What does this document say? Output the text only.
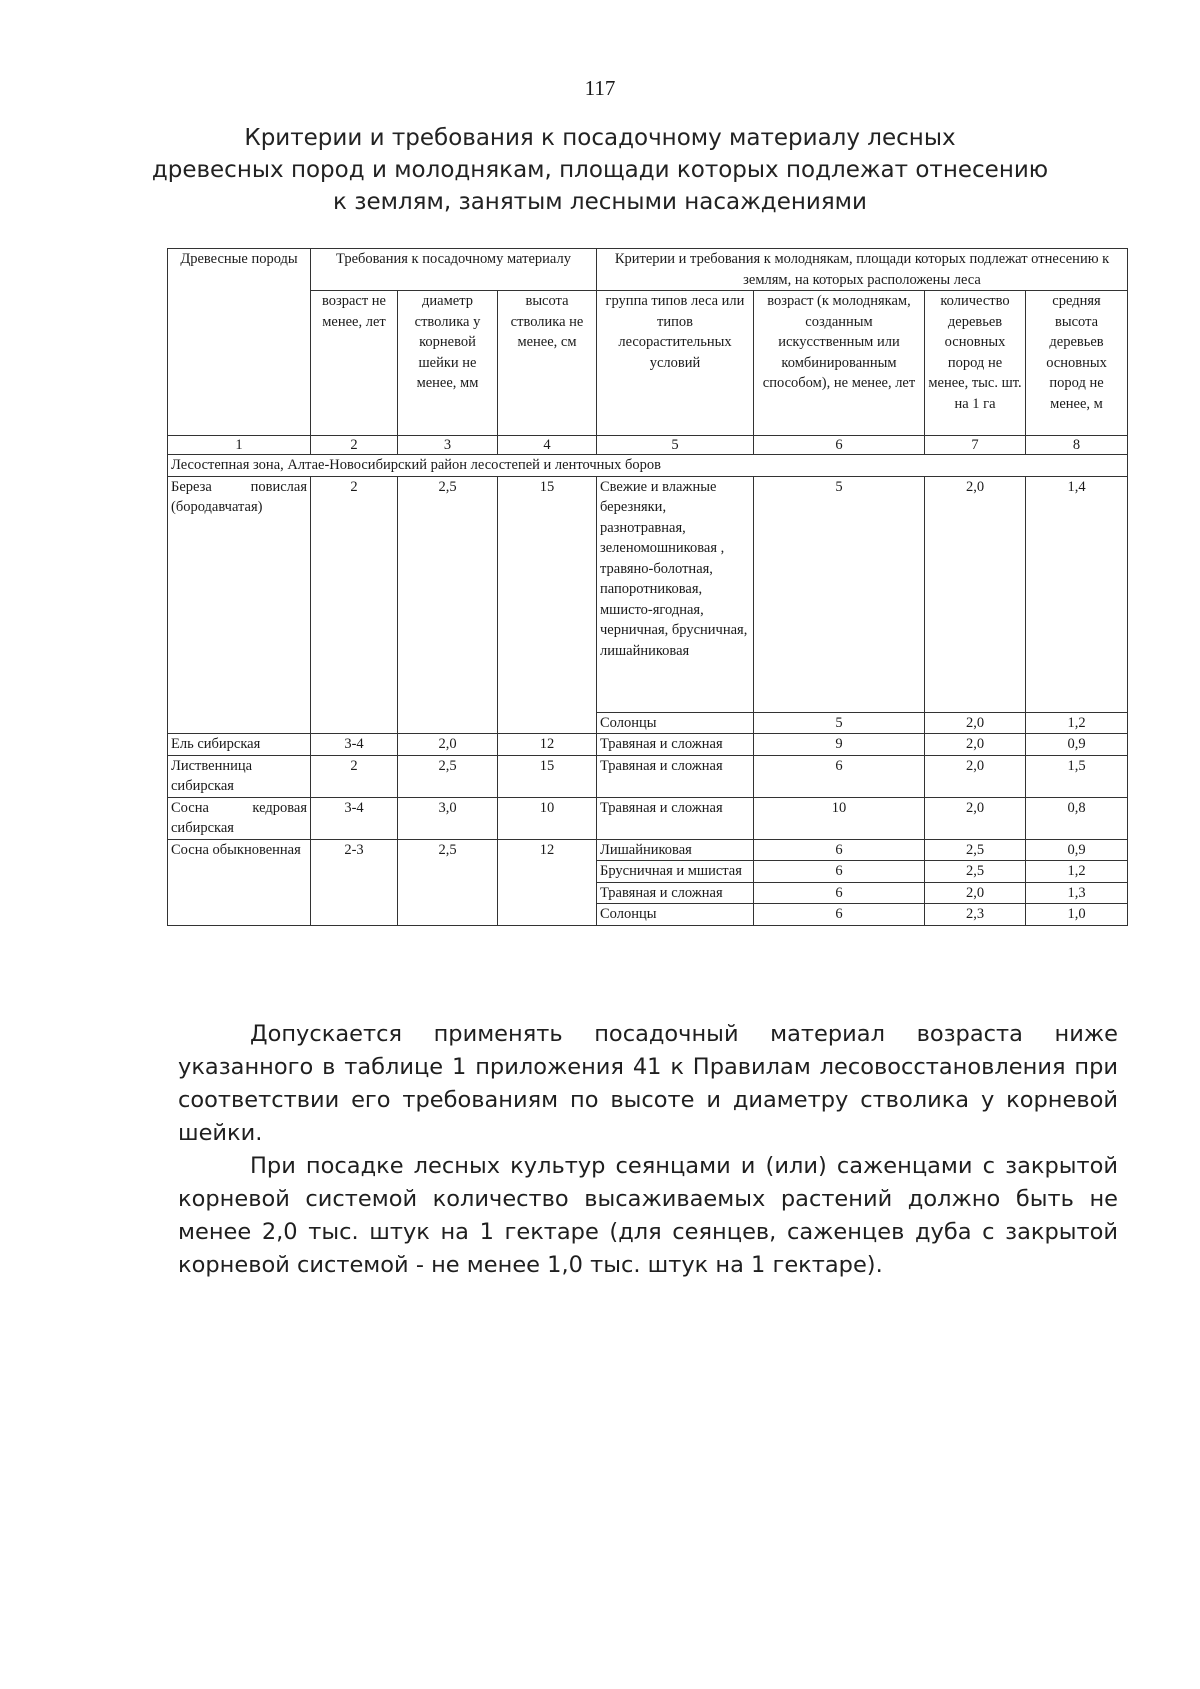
117
Критерии и требования к посадочному материалу лесных
древесных пород и молоднякам, площади которых подлежат отнесению
к землям, занятым лесными насаждениями
Древесные породы	Требования к посадочному материалу			Критерии и требования к молоднякам, площади которых подлежат отнесению к землям, на которых расположены леса			
	возраст не менее, лет	диаметр стволика у корневой шейки не менее, мм	высота стволика не менее, см	группа типов леса или типов лесорастительных условий	возраст (к молоднякам, созданным искусственным или комбинированным способом), не менее, лет	количество деревьев основных пород не менее, тыс. шт. на 1 га	средняя высота деревьев основных пород не менее, м
1	2	3	4	5	6	7	8
Лесостепная зона, Алтае-Новосибирский район лесостепей и ленточных боров							
Береза повислая (бородавчатая)	2	2,5	15	Свежие и влажные березняки, разнотравная, зеленомошниковая , травяно-болотная, папоротниковая, мшисто-ягодная, черничная, брусничная, лишайниковая	5	2,0	1,4
				Солонцы	5	2,0	1,2
Ель сибирская	3-4	2,0	12	Травяная и сложная	9	2,0	0,9
Лиственница сибирская	2	2,5	15	Травяная и сложная	6	2,0	1,5

Сосна кедровая
сибирская	3-4	3,0	10	Травяная и сложная	10	2,0	0,8
Сосна обыкновенная	2-3	2,5	12	Лишайниковая	6	2,5	0,9
				Брусничная и мшистая	6	2,5	1,2
				Травяная и сложная	6	2,0	1,3
				Солонцы	6	2,3	1,0
Допускается применять посадочный материал возраста ниже

указанного в таблице 1 приложения 41 к Правилам лесовосстановления при соответствии его требованиям по высоте и диаметру стволика у корневой шейки.

При посадке лесных культур сеянцами и (или) саженцами с закрытой корневой системой количество высаживаемых растений должно быть не менее 2,0 тыс. штук на 1 гектаре (для сеянцев, саженцев дуба с закрытой корневой системой - не менее 1,0 тыс. штук на 1 гектаре).
